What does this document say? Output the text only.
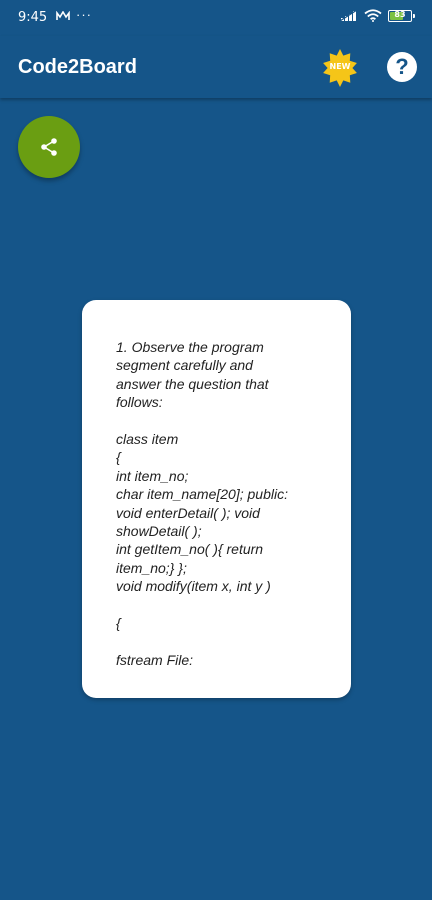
9:45 ···	83
Code2Board	NEW	?

1. Observe the program
segment carefully and
answer the question that
follows:

class item
{
int item_no;
char item_name[20]; public:
void enterDetail( ); void
showDetail( );
int getItem_no( ){ return
item_no;} };
void modify(item x, int y )

{

fstream File:
